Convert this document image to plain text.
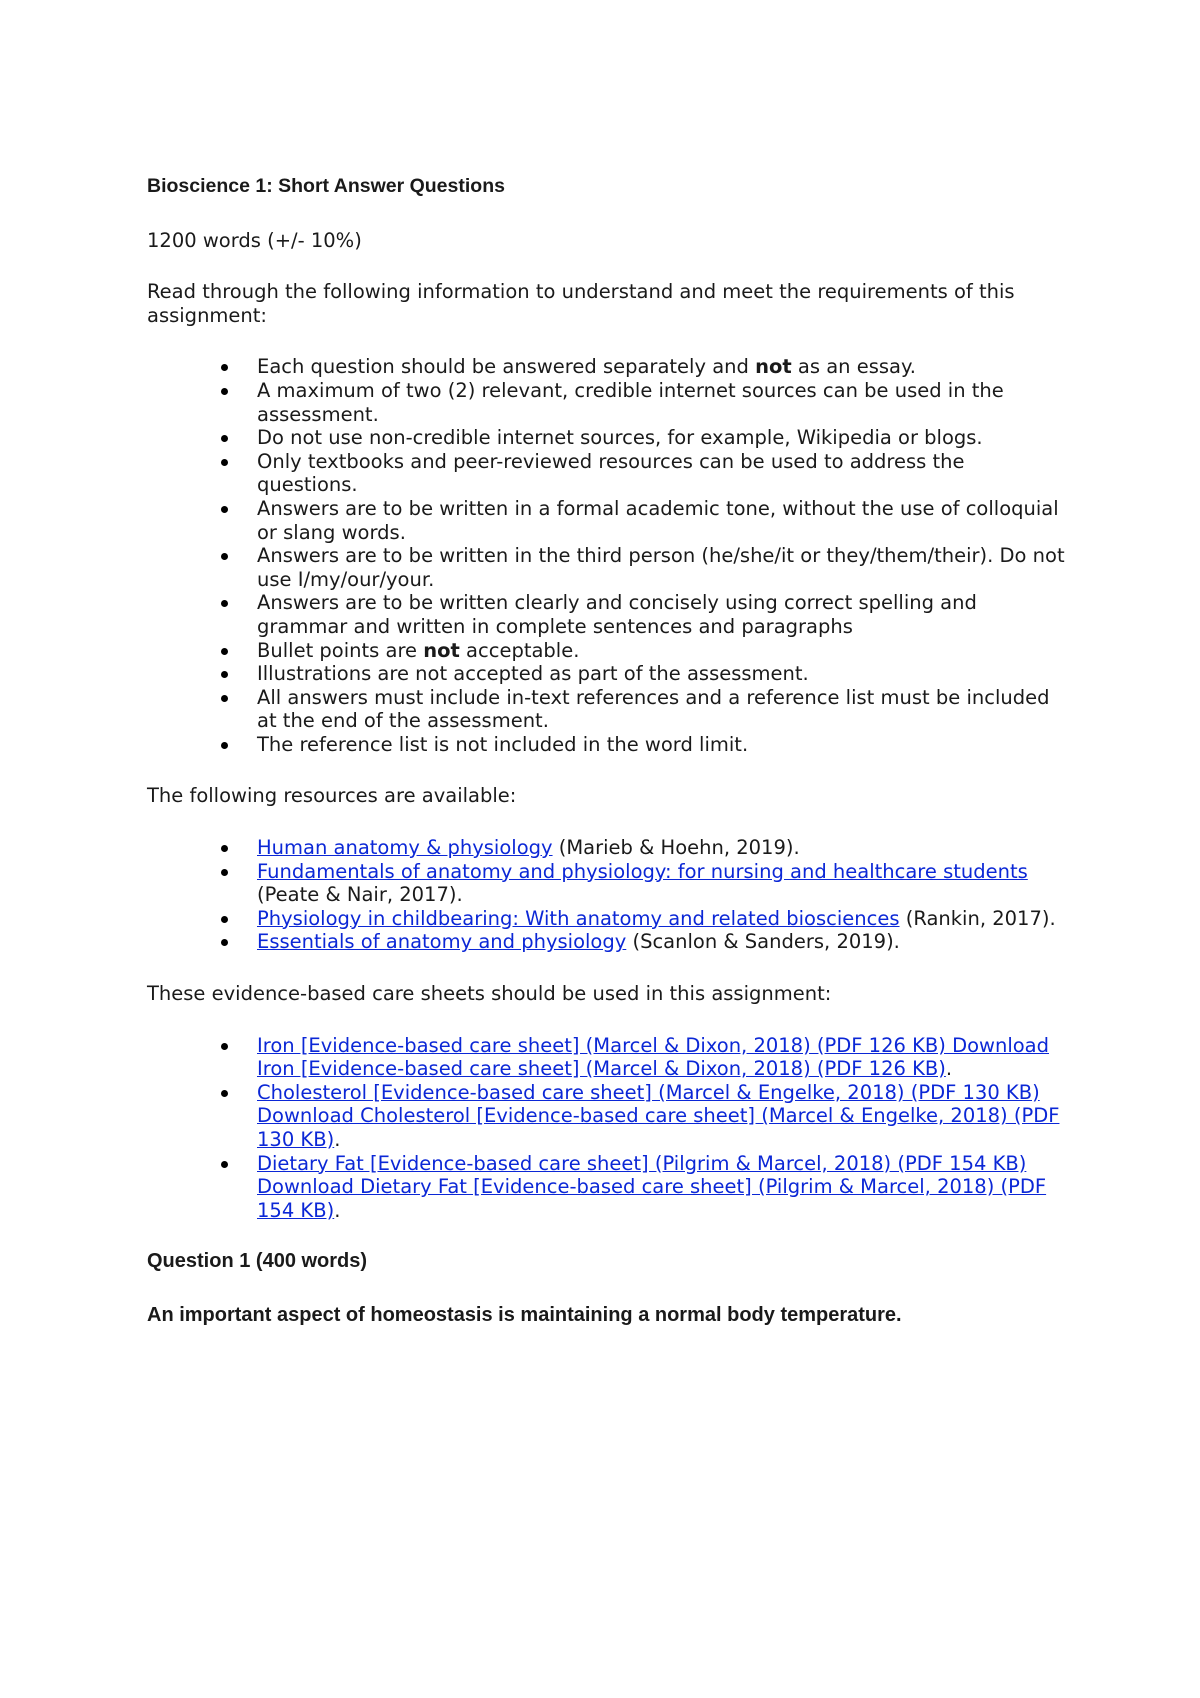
Bioscience 1: Short Answer Questions
1200 words (+/- 10%)
Read through the following information to understand and meet the requirements of this assignment:
Each question should be answered separately and not as an essay.
A maximum of two (2) relevant, credible internet sources can be used in the assessment.
Do not use non-credible internet sources, for example, Wikipedia or blogs.
Only textbooks and peer-reviewed resources can be used to address the questions.
Answers are to be written in a formal academic tone, without the use of colloquial or slang words.
Answers are to be written in the third person (he/she/it or they/them/their). Do not use I/my/our/your.
Answers are to be written clearly and concisely using correct spelling and grammar and written in complete sentences and paragraphs
Bullet points are not acceptable.
Illustrations are not accepted as part of the assessment.
All answers must include in-text references and a reference list must be included at the end of the assessment.
The reference list is not included in the word limit.
The following resources are available:
Human anatomy & physiology (Marieb & Hoehn, 2019).
Fundamentals of anatomy and physiology: for nursing and healthcare students (Peate & Nair, 2017).
Physiology in childbearing: With anatomy and related biosciences (Rankin, 2017).
Essentials of anatomy and physiology (Scanlon & Sanders, 2019).
These evidence-based care sheets should be used in this assignment:
Iron [Evidence-based care sheet] (Marcel & Dixon, 2018) (PDF 126 KB) Download Iron [Evidence-based care sheet] (Marcel & Dixon, 2018) (PDF 126 KB).
Cholesterol [Evidence-based care sheet] (Marcel & Engelke, 2018) (PDF 130 KB) Download Cholesterol [Evidence-based care sheet] (Marcel & Engelke, 2018) (PDF 130 KB).
Dietary Fat [Evidence-based care sheet] (Pilgrim & Marcel, 2018) (PDF 154 KB) Download Dietary Fat [Evidence-based care sheet] (Pilgrim & Marcel, 2018) (PDF 154 KB).
Question 1 (400 words)
An important aspect of homeostasis is maintaining a normal body temperature.
